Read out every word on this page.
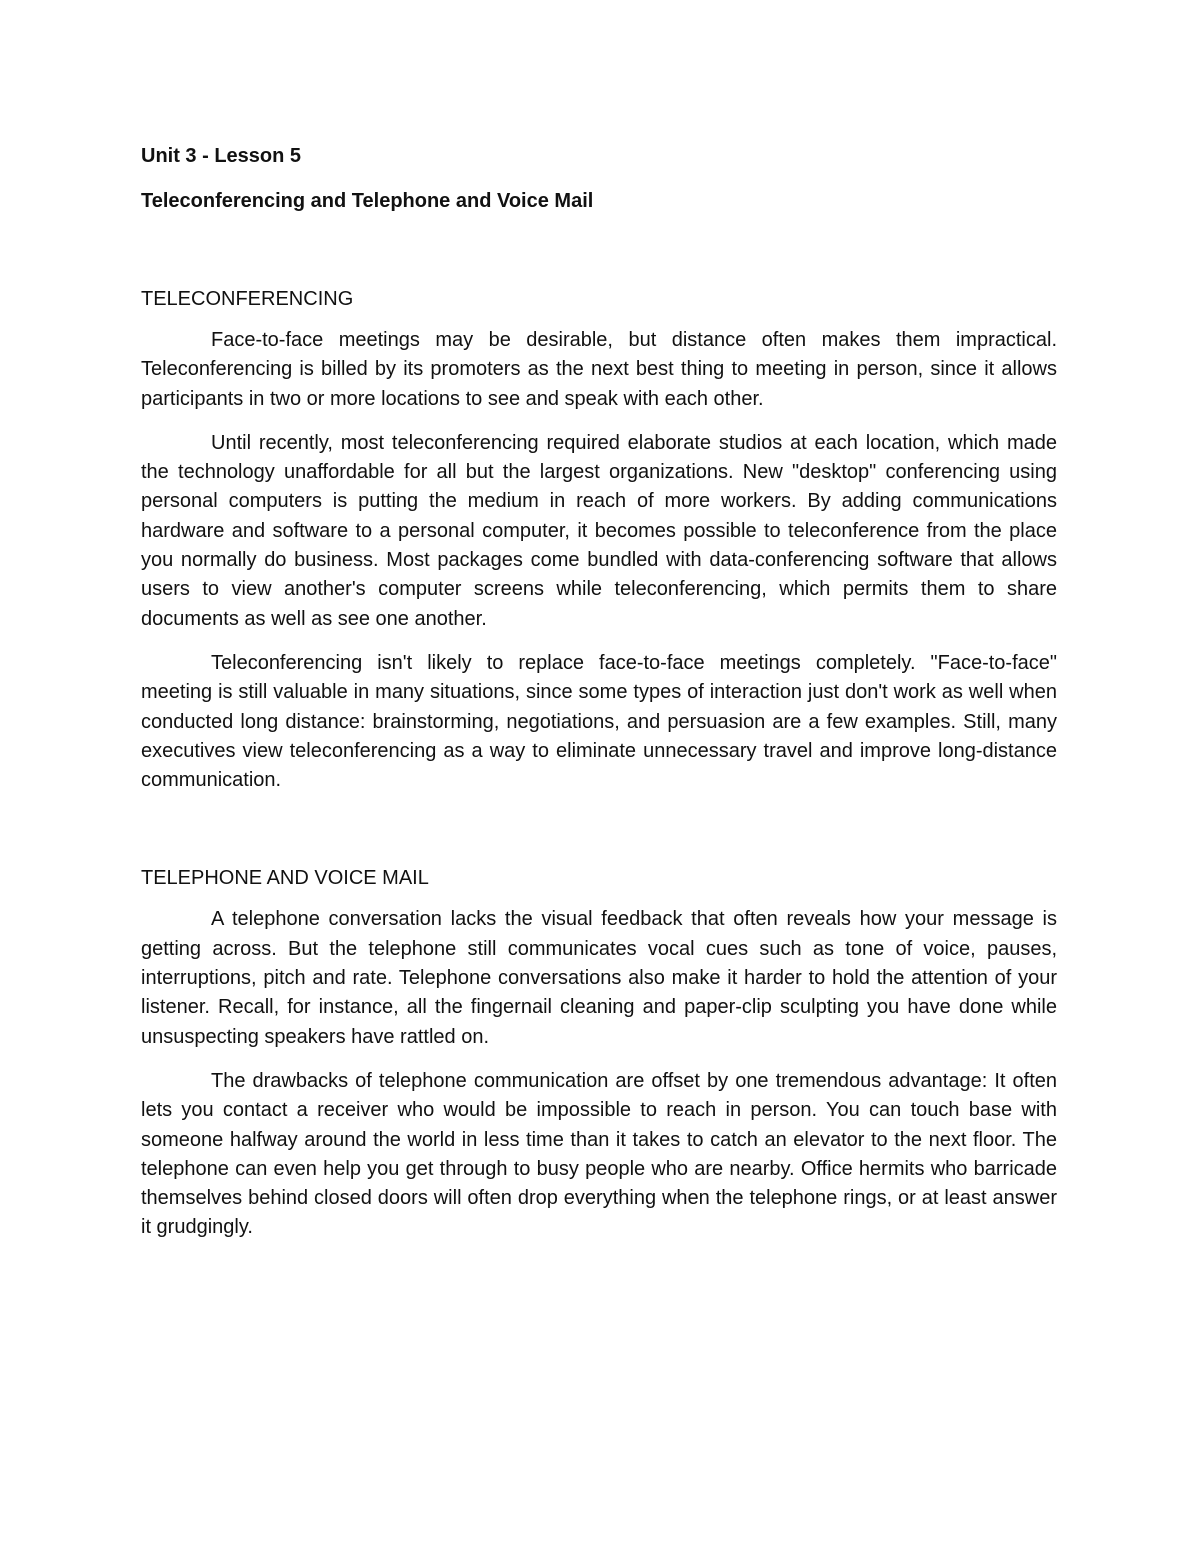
Unit 3 - Lesson 5
Teleconferencing and Telephone and Voice Mail
TELECONFERENCING

Face-to-face meetings may be desirable, but distance often makes them impractical. Teleconferencing is billed by its promoters as the next best thing to meeting in person, since it allows participants in two or more locations to see and speak with each other.

Until recently, most teleconferencing required elaborate studios at each location, which made the technology unaffordable for all but the largest organizations. New "desktop" conferencing using personal computers is putting the medium in reach of more workers. By adding communications hardware and software to a personal computer, it becomes possible to teleconference from the place you normally do business. Most packages come bundled with data-conferencing software that allows users to view another's computer screens while teleconferencing, which permits them to share documents as well as see one another.

Teleconferencing isn't likely to replace face-to-face meetings completely. "Face-to-face" meeting is still valuable in many situations, since some types of interaction just don't work as well when conducted long distance: brainstorming, negotiations, and persuasion are a few examples. Still, many executives view teleconferencing as a way to eliminate unnecessary travel and improve long-distance communication.

TELEPHONE AND VOICE MAIL

A telephone conversation lacks the visual feedback that often reveals how your message is getting across. But the telephone still communicates vocal cues such as tone of voice, pauses, interruptions, pitch and rate. Telephone conversations also make it harder to hold the attention of your listener. Recall, for instance, all the fingernail cleaning and paper-clip sculpting you have done while unsuspecting speakers have rattled on.

The drawbacks of telephone communication are offset by one tremendous advantage: It often lets you contact a receiver who would be impossible to reach in person. You can touch base with someone halfway around the world in less time than it takes to catch an elevator to the next floor. The telephone can even help you get through to busy people who are nearby. Office hermits who barricade themselves behind closed doors will often drop everything when the telephone rings, or at least answer it grudgingly.
